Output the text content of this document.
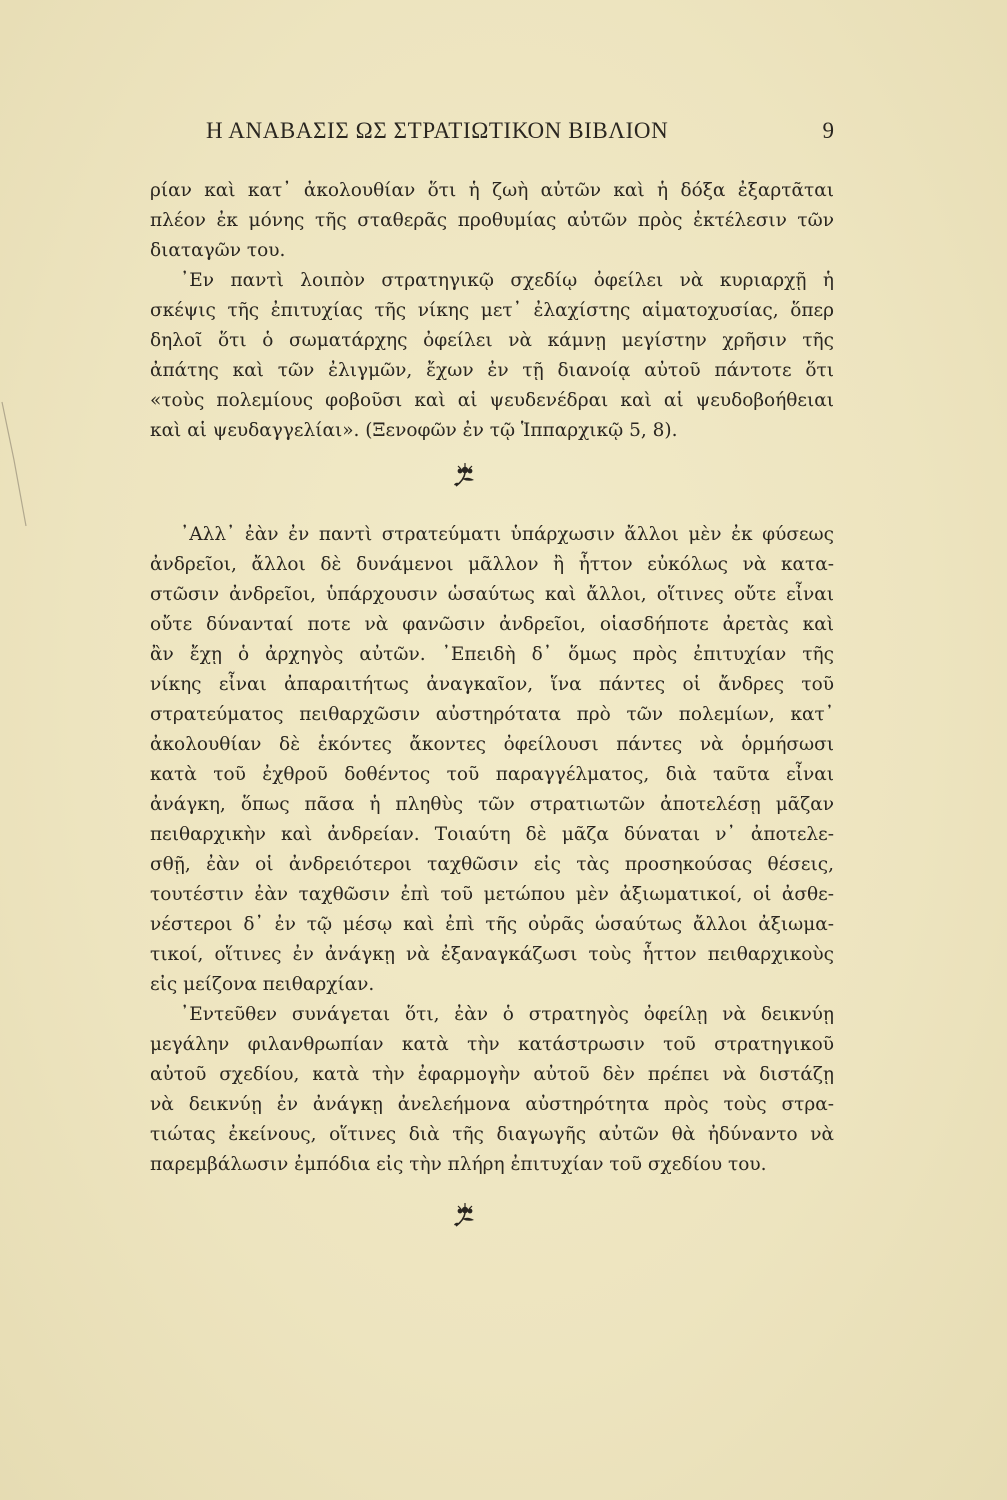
Η ΑΝΑΒΑΣΙΣ ΩΣ ΣΤΡΑΤΙΩΤΙΚΟΝ ΒΙΒΛΙΟΝ	9
ρίαν καὶ κατ᾽ ἀκολουθίαν ὅτι ἡ ζωὴ αὐτῶν καὶ ἡ δόξα ἐξαρτᾶται
πλέον ἐκ μόνης τῆς σταθερᾶς προθυμίας αὐτῶν πρὸς ἐκτέλεσιν τῶν
διαταγῶν του.
᾿Εν παντὶ λοιπὸν στρατηγικῷ σχεδίῳ ὀφείλει νὰ κυριαρχῇ ἡ
σκέψις τῆς ἐπιτυχίας τῆς νίκης μετ᾽ ἐλαχίστης αἱματοχυσίας, ὅπερ
δηλοῖ ὅτι ὁ σωματάρχης ὀφείλει νὰ κάμνῃ μεγίστην χρῆσιν τῆς
ἀπάτης καὶ τῶν ἐλιγμῶν, ἔχων ἐν τῇ διανοίᾳ αὐτοῦ πάντοτε ὅτι
«τοὺς πολεμίους φοβοῦσι καὶ αἱ ψευδενέδραι καὶ αἱ ψευδοβοήθειαι
καὶ αἱ ψευδαγγελίαι». (Ξενοφῶν ἐν τῷ Ἱππαρχικῷ 5, 8).
᾿Αλλ᾽ ἐὰν ἐν παντὶ στρατεύματι ὑπάρχωσιν ἄλλοι μὲν ἐκ φύσεως
ἀνδρεῖοι, ἄλλοι δὲ δυνάμενοι μᾶλλον ἢ ἧττον εὐκόλως νὰ κατα-
στῶσιν ἀνδρεῖοι, ὑπάρχουσιν ὡσαύτως καὶ ἄλλοι, οἵτινες οὔτε εἶναι
οὔτε δύνανταί ποτε νὰ φανῶσιν ἀνδρεῖοι, οἱασδήποτε ἀρετὰς καὶ
ἂν ἔχῃ ὁ ἀρχηγὸς αὐτῶν. ᾿Επειδὴ δ᾽ ὅμως πρὸς ἐπιτυχίαν τῆς
νίκης εἶναι ἀπαραιτήτως ἀναγκαῖον, ἵνα πάντες οἱ ἄνδρες τοῦ
στρατεύματος πειθαρχῶσιν αὐστηρότατα πρὸ τῶν πολεμίων, κατ᾽
ἀκολουθίαν δὲ ἑκόντες ἄκοντες ὀφείλουσι πάντες νὰ ὁρμήσωσι
κατὰ τοῦ ἐχθροῦ δοθέντος τοῦ παραγγέλματος, διὰ ταῦτα εἶναι
ἀνάγκη, ὅπως πᾶσα ἡ πληθὺς τῶν στρατιωτῶν ἀποτελέσῃ μᾶζαν
πειθαρχικὴν καὶ ἀνδρείαν. Τοιαύτη δὲ μᾶζα δύναται ν᾽ ἀποτελε-
σθῇ, ἐὰν οἱ ἀνδρειότεροι ταχθῶσιν εἰς τὰς προσηκούσας θέσεις,
τουτέστιν ἐὰν ταχθῶσιν ἐπὶ τοῦ μετώπου μὲν ἀξιωματικοί, οἱ ἀσθε-
νέστεροι δ᾽ ἐν τῷ μέσῳ καὶ ἐπὶ τῆς οὐρᾶς ὡσαύτως ἄλλοι ἀξιωμα-
τικοί, οἵτινες ἐν ἀνάγκῃ νὰ ἐξαναγκάζωσι τοὺς ἧττον πειθαρχικοὺς
εἰς μείζονα πειθαρχίαν.
᾿Εντεῦθεν συνάγεται ὅτι, ἐὰν ὁ στρατηγὸς ὀφείλῃ νὰ δεικνύῃ
μεγάλην φιλανθρωπίαν κατὰ τὴν κατάστρωσιν τοῦ στρατηγικοῦ
αὐτοῦ σχεδίου, κατὰ τὴν ἐφαρμογὴν αὐτοῦ δὲν πρέπει νὰ διστάζῃ
νὰ δεικνύῃ ἐν ἀνάγκῃ ἀνελεήμονα αὐστηρότητα πρὸς τοὺς στρα-
τιώτας ἐκείνους, οἵτινες διὰ τῆς διαγωγῆς αὐτῶν θὰ ἠδύναντο νὰ
παρεμβάλωσιν ἐμπόδια εἰς τὴν πλήρη ἐπιτυχίαν τοῦ σχεδίου του.
